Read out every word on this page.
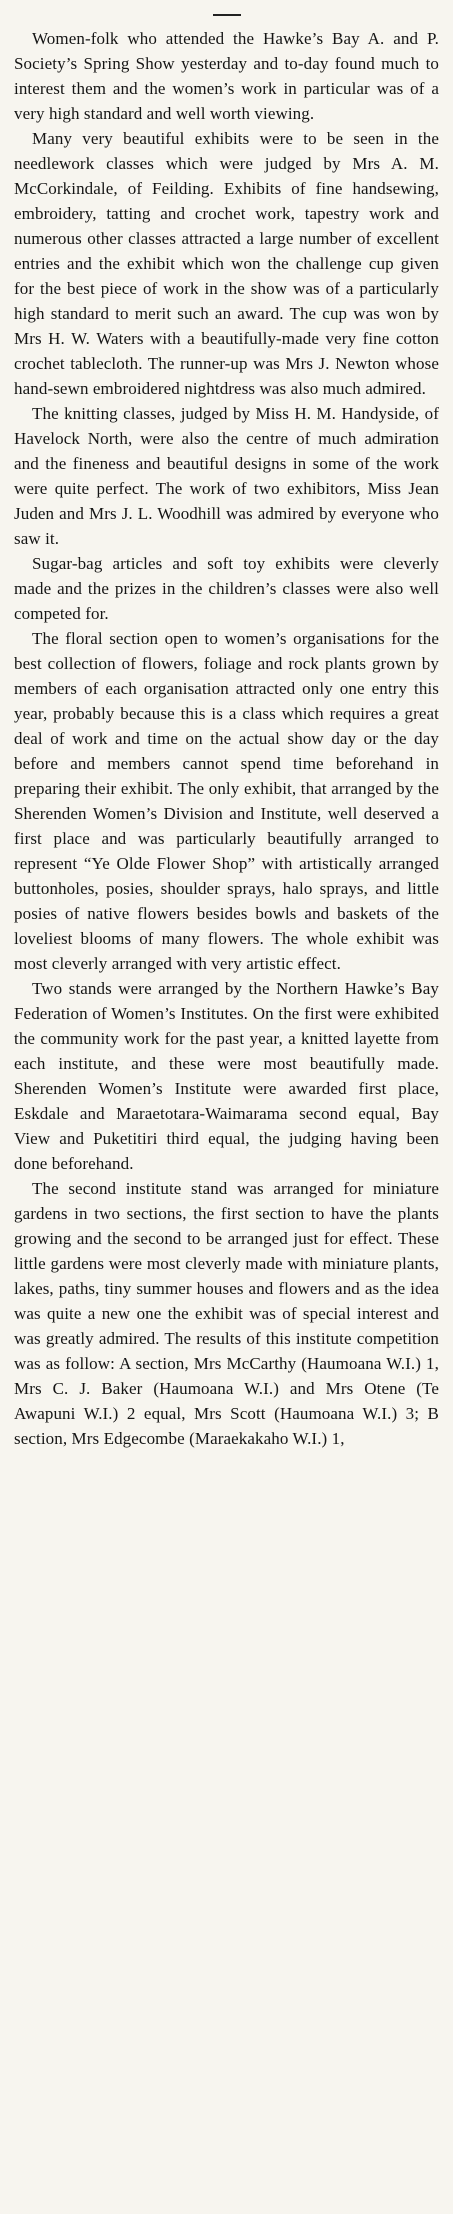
Women-folk who attended the Hawke’s Bay A. and P. Society’s Spring Show yesterday and to-day found much to interest them and the women’s work in particular was of a very high standard and well worth viewing.

Many very beautiful exhibits were to be seen in the needlework classes which were judged by Mrs A. M. McCorkindale, of Feilding. Exhibits of fine handsewing, embroidery, tatting and crochet work, tapestry work and numerous other classes attracted a large number of excellent entries and the exhibit which won the challenge cup given for the best piece of work in the show was of a particularly high standard to merit such an award. The cup was won by Mrs H. W. Waters with a beautifully-made very fine cotton crochet tablecloth. The runner-up was Mrs J. Newton whose hand-sewn embroidered nightdress was also much admired.

The knitting classes, judged by Miss H. M. Handyside, of Havelock North, were also the centre of much admiration and the fineness and beautiful designs in some of the work were quite perfect. The work of two exhibitors, Miss Jean Juden and Mrs J. L. Woodhill was admired by everyone who saw it.

Sugar-bag articles and soft toy exhibits were cleverly made and the prizes in the children’s classes were also well competed for.

The floral section open to women’s organisations for the best collection of flowers, foliage and rock plants grown by members of each organisation attracted only one entry this year, probably because this is a class which requires a great deal of work and time on the actual show day or the day before and members cannot spend time beforehand in preparing their exhibit. The only exhibit, that arranged by the Sherenden Women’s Division and Institute, well deserved a first place and was particularly beautifully arranged to represent “Ye Olde Flower Shop” with artistically arranged buttonholes, posies, shoulder sprays, halo sprays, and little posies of native flowers besides bowls and baskets of the loveliest blooms of many flowers. The whole exhibit was most cleverly arranged with very artistic effect.

Two stands were arranged by the Northern Hawke’s Bay Federation of Women’s Institutes. On the first were exhibited the community work for the past year, a knitted layette from each institute, and these were most beautifully made. Sherenden Women’s Institute were awarded first place, Eskdale and Maraetotara-Waimarama second equal, Bay View and Puketitiri third equal, the judging having been done beforehand.

The second institute stand was arranged for miniature gardens in two sections, the first section to have the plants growing and the second to be arranged just for effect. These little gardens were most cleverly made with miniature plants, lakes, paths, tiny summer houses and flowers and as the idea was quite a new one the exhibit was of special interest and was greatly admired. The results of this institute competition was as follow: A section, Mrs McCarthy (Haumoana W.I.) 1, Mrs C. J. Baker (Haumoana W.I.) and Mrs Otene (Te Awapuni W.I.) 2 equal, Mrs Scott (Haumoana W.I.) 3; B section, Mrs Edgecombe (Maraekakaho W.I.) 1,
